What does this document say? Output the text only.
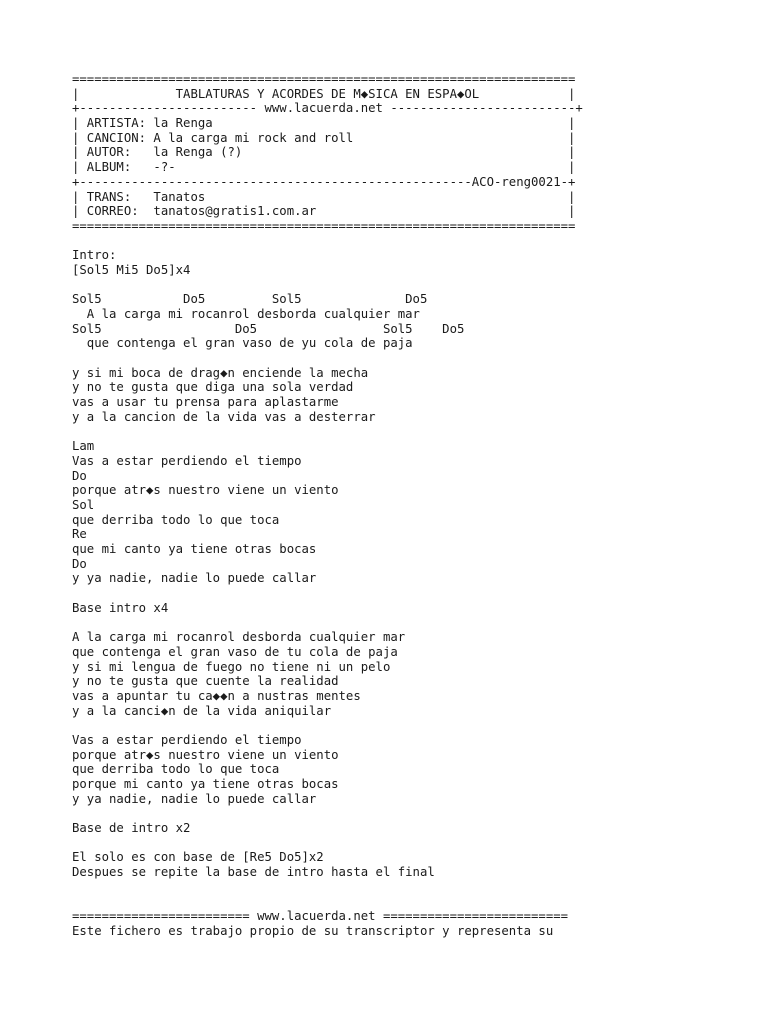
====================================================================
|             TABLATURAS Y ACORDES DE M◆SICA EN ESPA◆OL            |
+------------------------ www.lacuerda.net -------------------------+
| ARTISTA: la Renga                                                |
| CANCION: A la carga mi rock and roll                             |
| AUTOR:   la Renga (?)                                            |
| ALBUM:   -?-                                                     |
+-----------------------------------------------------ACO-reng0021-+
| TRANS:   Tanatos                                                 |
| CORREO:  tanatos@gratis1.com.ar                                  |
====================================================================
Intro:
[Sol5 Mi5 Do5]x4
Sol5           Do5         Sol5              Do5
A la carga mi rocanrol desborda cualquier mar
Sol5                  Do5                 Sol5    Do5
que contenga el gran vaso de yu cola de paja
y si mi boca de drag◆n enciende la mecha
y no te gusta que diga una sola verdad
vas a usar tu prensa para aplastarme
y a la cancion de la vida vas a desterrar
Lam
Vas a estar perdiendo el tiempo
Do
porque atr◆s nuestro viene un viento
Sol
que derriba todo lo que toca
Re
que mi canto ya tiene otras bocas
Do
y ya nadie, nadie lo puede callar
Base intro x4
A la carga mi rocanrol desborda cualquier mar
que contenga el gran vaso de tu cola de paja
y si mi lengua de fuego no tiene ni un pelo
y no te gusta que cuente la realidad
vas a apuntar tu ca◆◆n a nustras mentes
y a la canci◆n de la vida aniquilar
Vas a estar perdiendo el tiempo
porque atr◆s nuestro viene un viento
que derriba todo lo que toca
porque mi canto ya tiene otras bocas
y ya nadie, nadie lo puede callar
Base de intro x2
El solo es con base de [Re5 Do5]x2
Despues se repite la base de intro hasta el final
======================== www.lacuerda.net =========================
Este fichero es trabajo propio de su transcriptor y representa su
